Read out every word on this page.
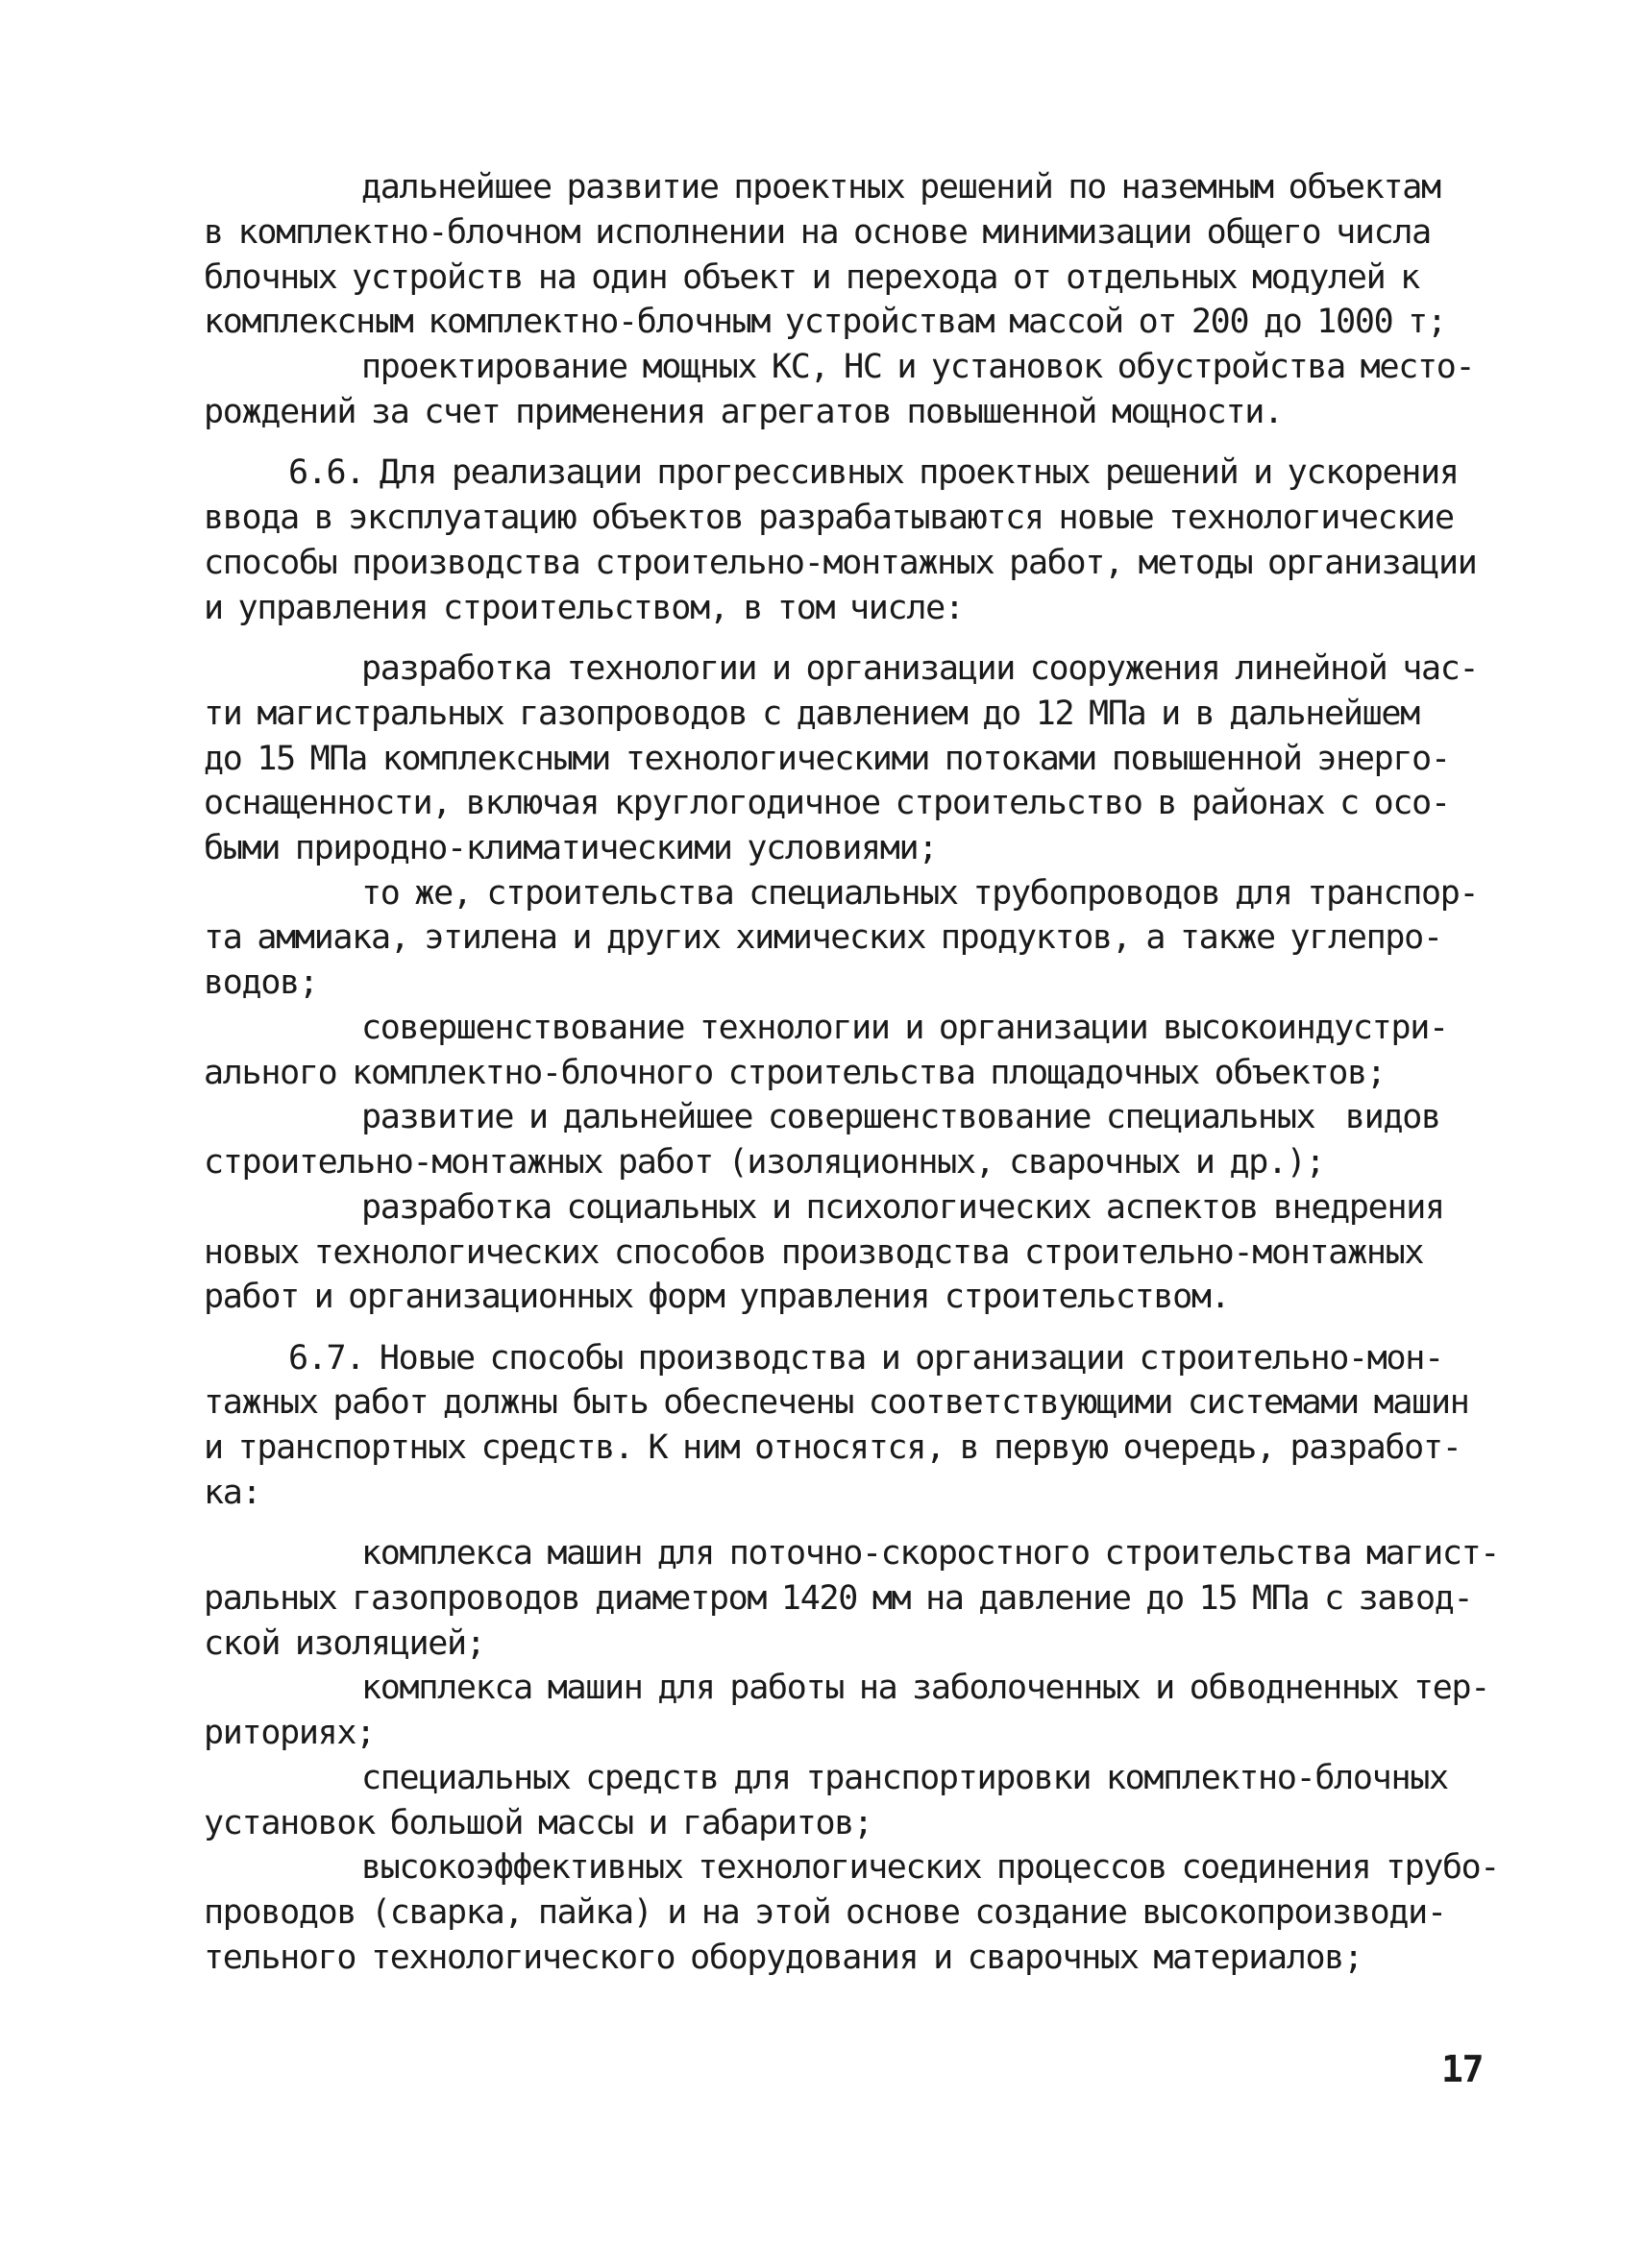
дальнейшее развитие проектных решений по наземным объектам
в комплектно-блочном исполнении на основе минимизации общего числа
блочных устройств на один объект и перехода от отдельных модулей к
комплексным комплектно-блочным устройствам массой от 200 до 1000 т;
проектирование мощных КС, НС и установок обустройства место-
рождений за счет применения агрегатов повышенной мощности.
6.6. Для реализации прогрессивных проектных решений и ускорения
ввода в эксплуатацию объектов разрабатываются новые технологические
способы производства строительно-монтажных работ, методы организации
и управления строительством, в том числе:
разработка технологии и организации сооружения линейной час-
ти магистральных газопроводов с давлением до 12 МПа и в дальнейшем
до 15 МПа комплексными технологическими потоками повышенной энерго-
оснащенности, включая круглогодичное строительство в районах с осо-
быми природно-климатическими условиями;
то же, строительства специальных трубопроводов для транспор-
та аммиака, этилена и других химических продуктов, а также углепро-
водов;
совершенствование технологии и организации высокоиндустри-
ального комплектно-блочного строительства площадочных объектов;
развитие и дальнейшее совершенствование специальных  видов
строительно-монтажных работ (изоляционных, сварочных и др.);
разработка социальных и психологических аспектов внедрения
новых технологических способов производства строительно-монтажных
работ и организационных форм управления строительством.
6.7. Новые способы производства и организации строительно-мон-
тажных работ должны быть обеспечены соответствующими системами машин
и транспортных средств. К ним относятся, в первую очередь, разработ-
ка:
комплекса машин для поточно-скоростного строительства магист-
ральных газопроводов диаметром 1420 мм на давление до 15 МПа с завод-
ской изоляцией;
комплекса машин для работы на заболоченных и обводненных тер-
риториях;
специальных средств для транспортировки комплектно-блочных
установок большой массы и габаритов;
высокоэффективных технологических процессов соединения трубо-
проводов (сварка, пайка) и на этой основе создание высокопроизводи-
тельного технологического оборудования и сварочных материалов;
17
